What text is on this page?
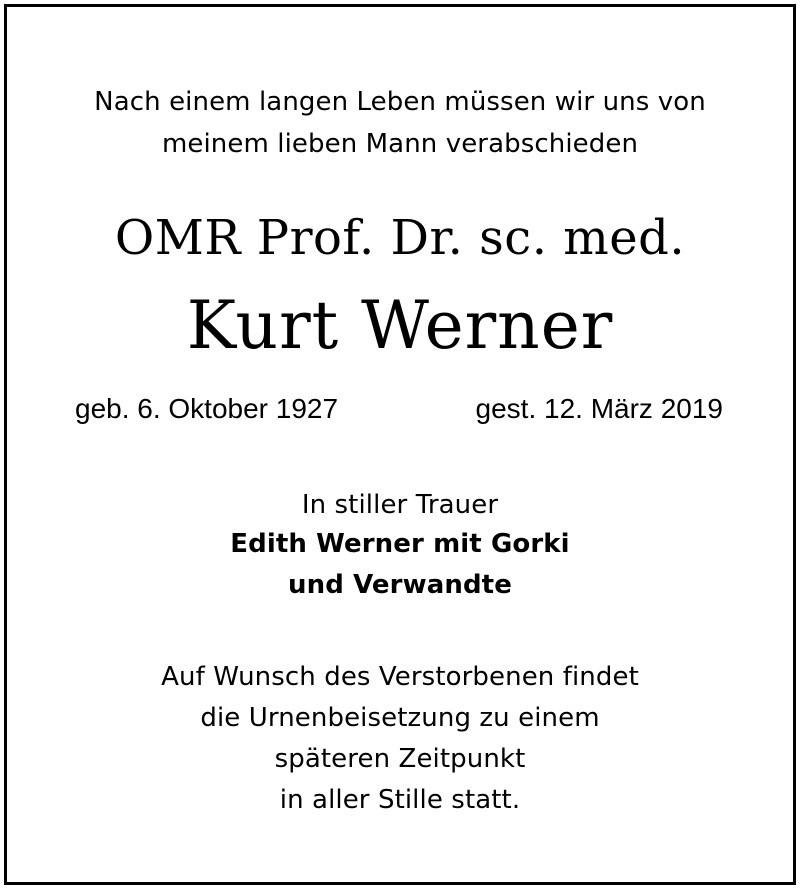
Nach einem langen Leben müssen wir uns von
meinem lieben Mann verabschieden
OMR Prof. Dr. sc. med.
Kurt Werner
geb. 6. Oktober 1927	gest. 12. März 2019
In stiller Trauer
Edith Werner mit Gorki
und Verwandte
Auf Wunsch des Verstorbenen findet
die Urnenbeisetzung zu einem
späteren Zeitpunkt
in aller Stille statt.
